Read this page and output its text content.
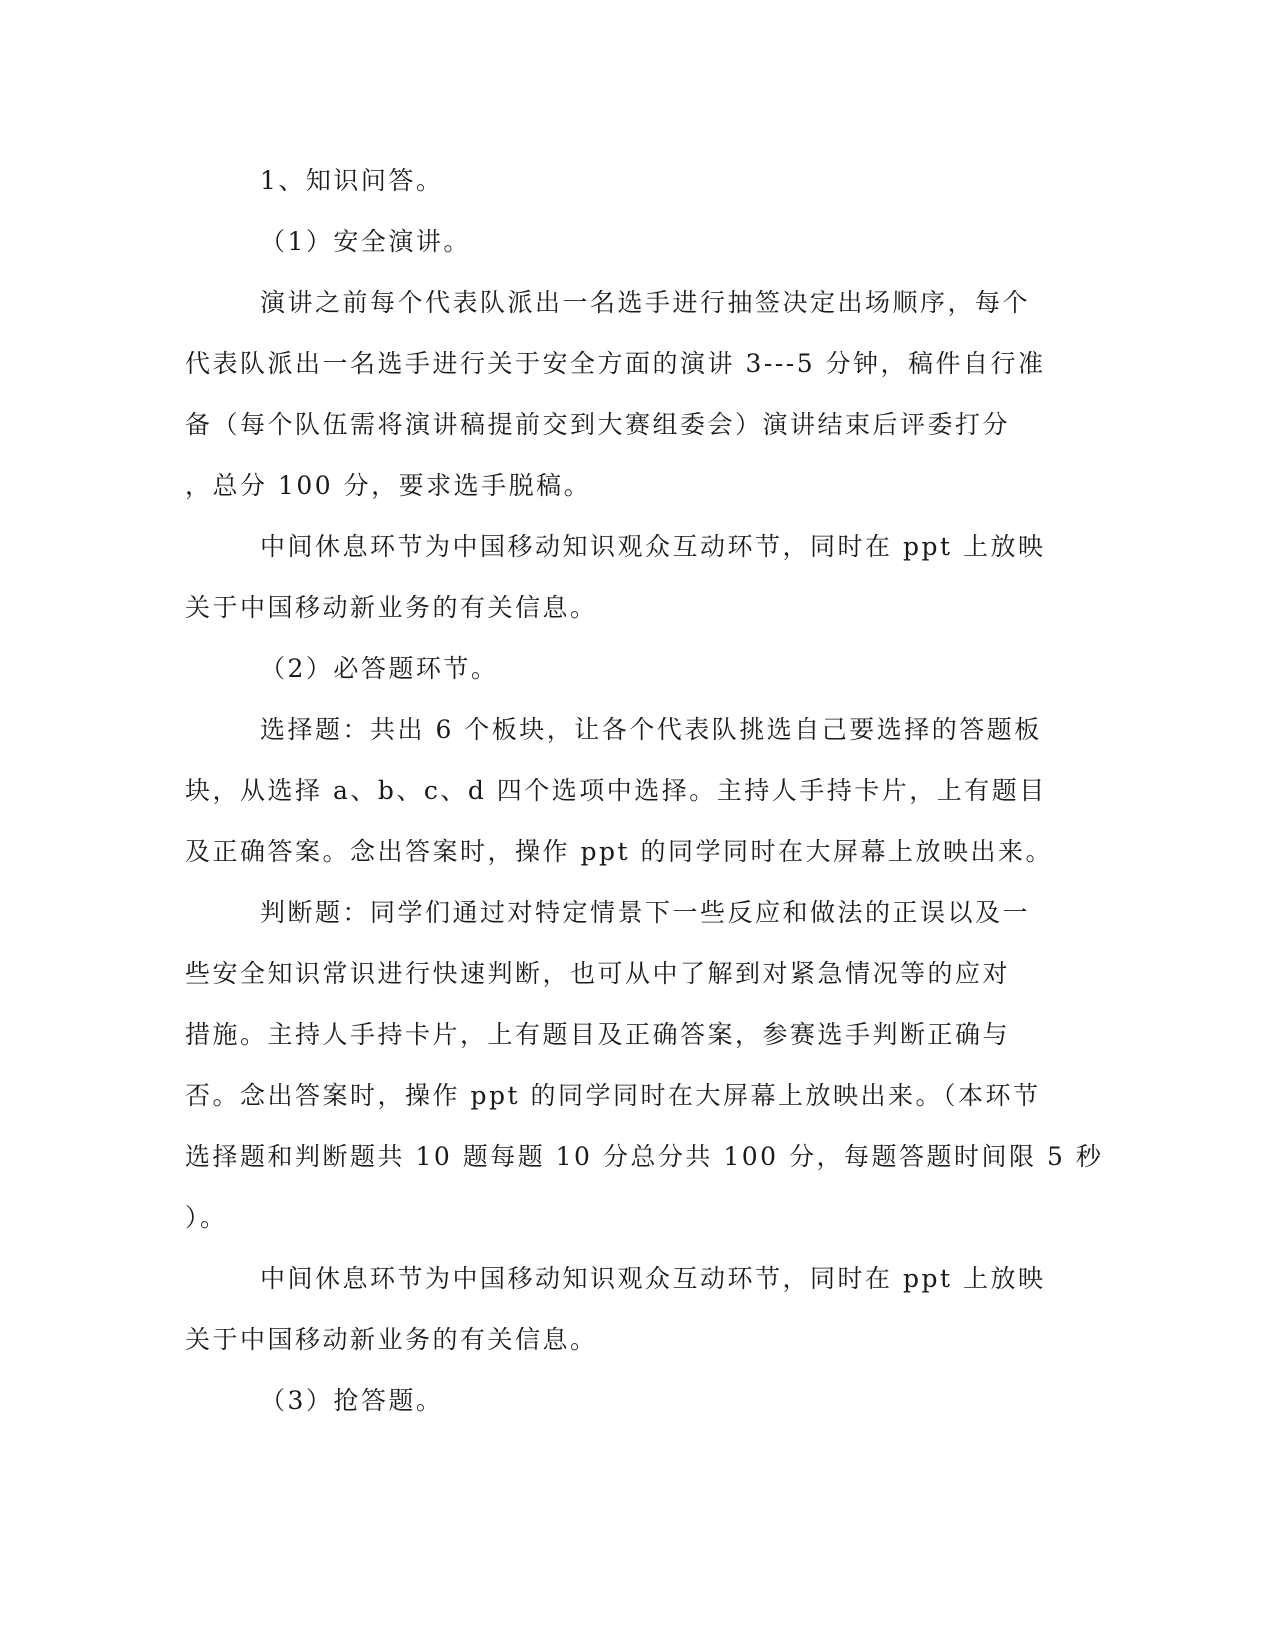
1、知识问答。

（1）安全演讲。

演讲之前每个代表队派出一名选手进行抽签决定出场顺序，每个

代表队派出一名选手进行关于安全方面的演讲 3---5 分钟，稿件自行准

备（每个队伍需将演讲稿提前交到大赛组委会）演讲结束后评委打分

，总分 100 分，要求选手脱稿。

中间休息环节为中国移动知识观众互动环节，同时在 ppt 上放映

关于中国移动新业务的有关信息。

（2）必答题环节。

选择题：共出 6 个板块，让各个代表队挑选自己要选择的答题板

块，从选择 a、b、c、d 四个选项中选择。主持人手持卡片，上有题目

及正确答案。念出答案时，操作 ppt 的同学同时在大屏幕上放映出来。

判断题：同学们通过对特定情景下一些反应和做法的正误以及一

些安全知识常识进行快速判断，也可从中了解到对紧急情况等的应对

措施。主持人手持卡片，上有题目及正确答案，参赛选手判断正确与

否。念出答案时，操作 ppt 的同学同时在大屏幕上放映出来。（本环节

选择题和判断题共 10 题每题 10 分总分共 100 分，每题答题时间限 5 秒

）。

中间休息环节为中国移动知识观众互动环节，同时在 ppt 上放映

关于中国移动新业务的有关信息。

（3）抢答题。
